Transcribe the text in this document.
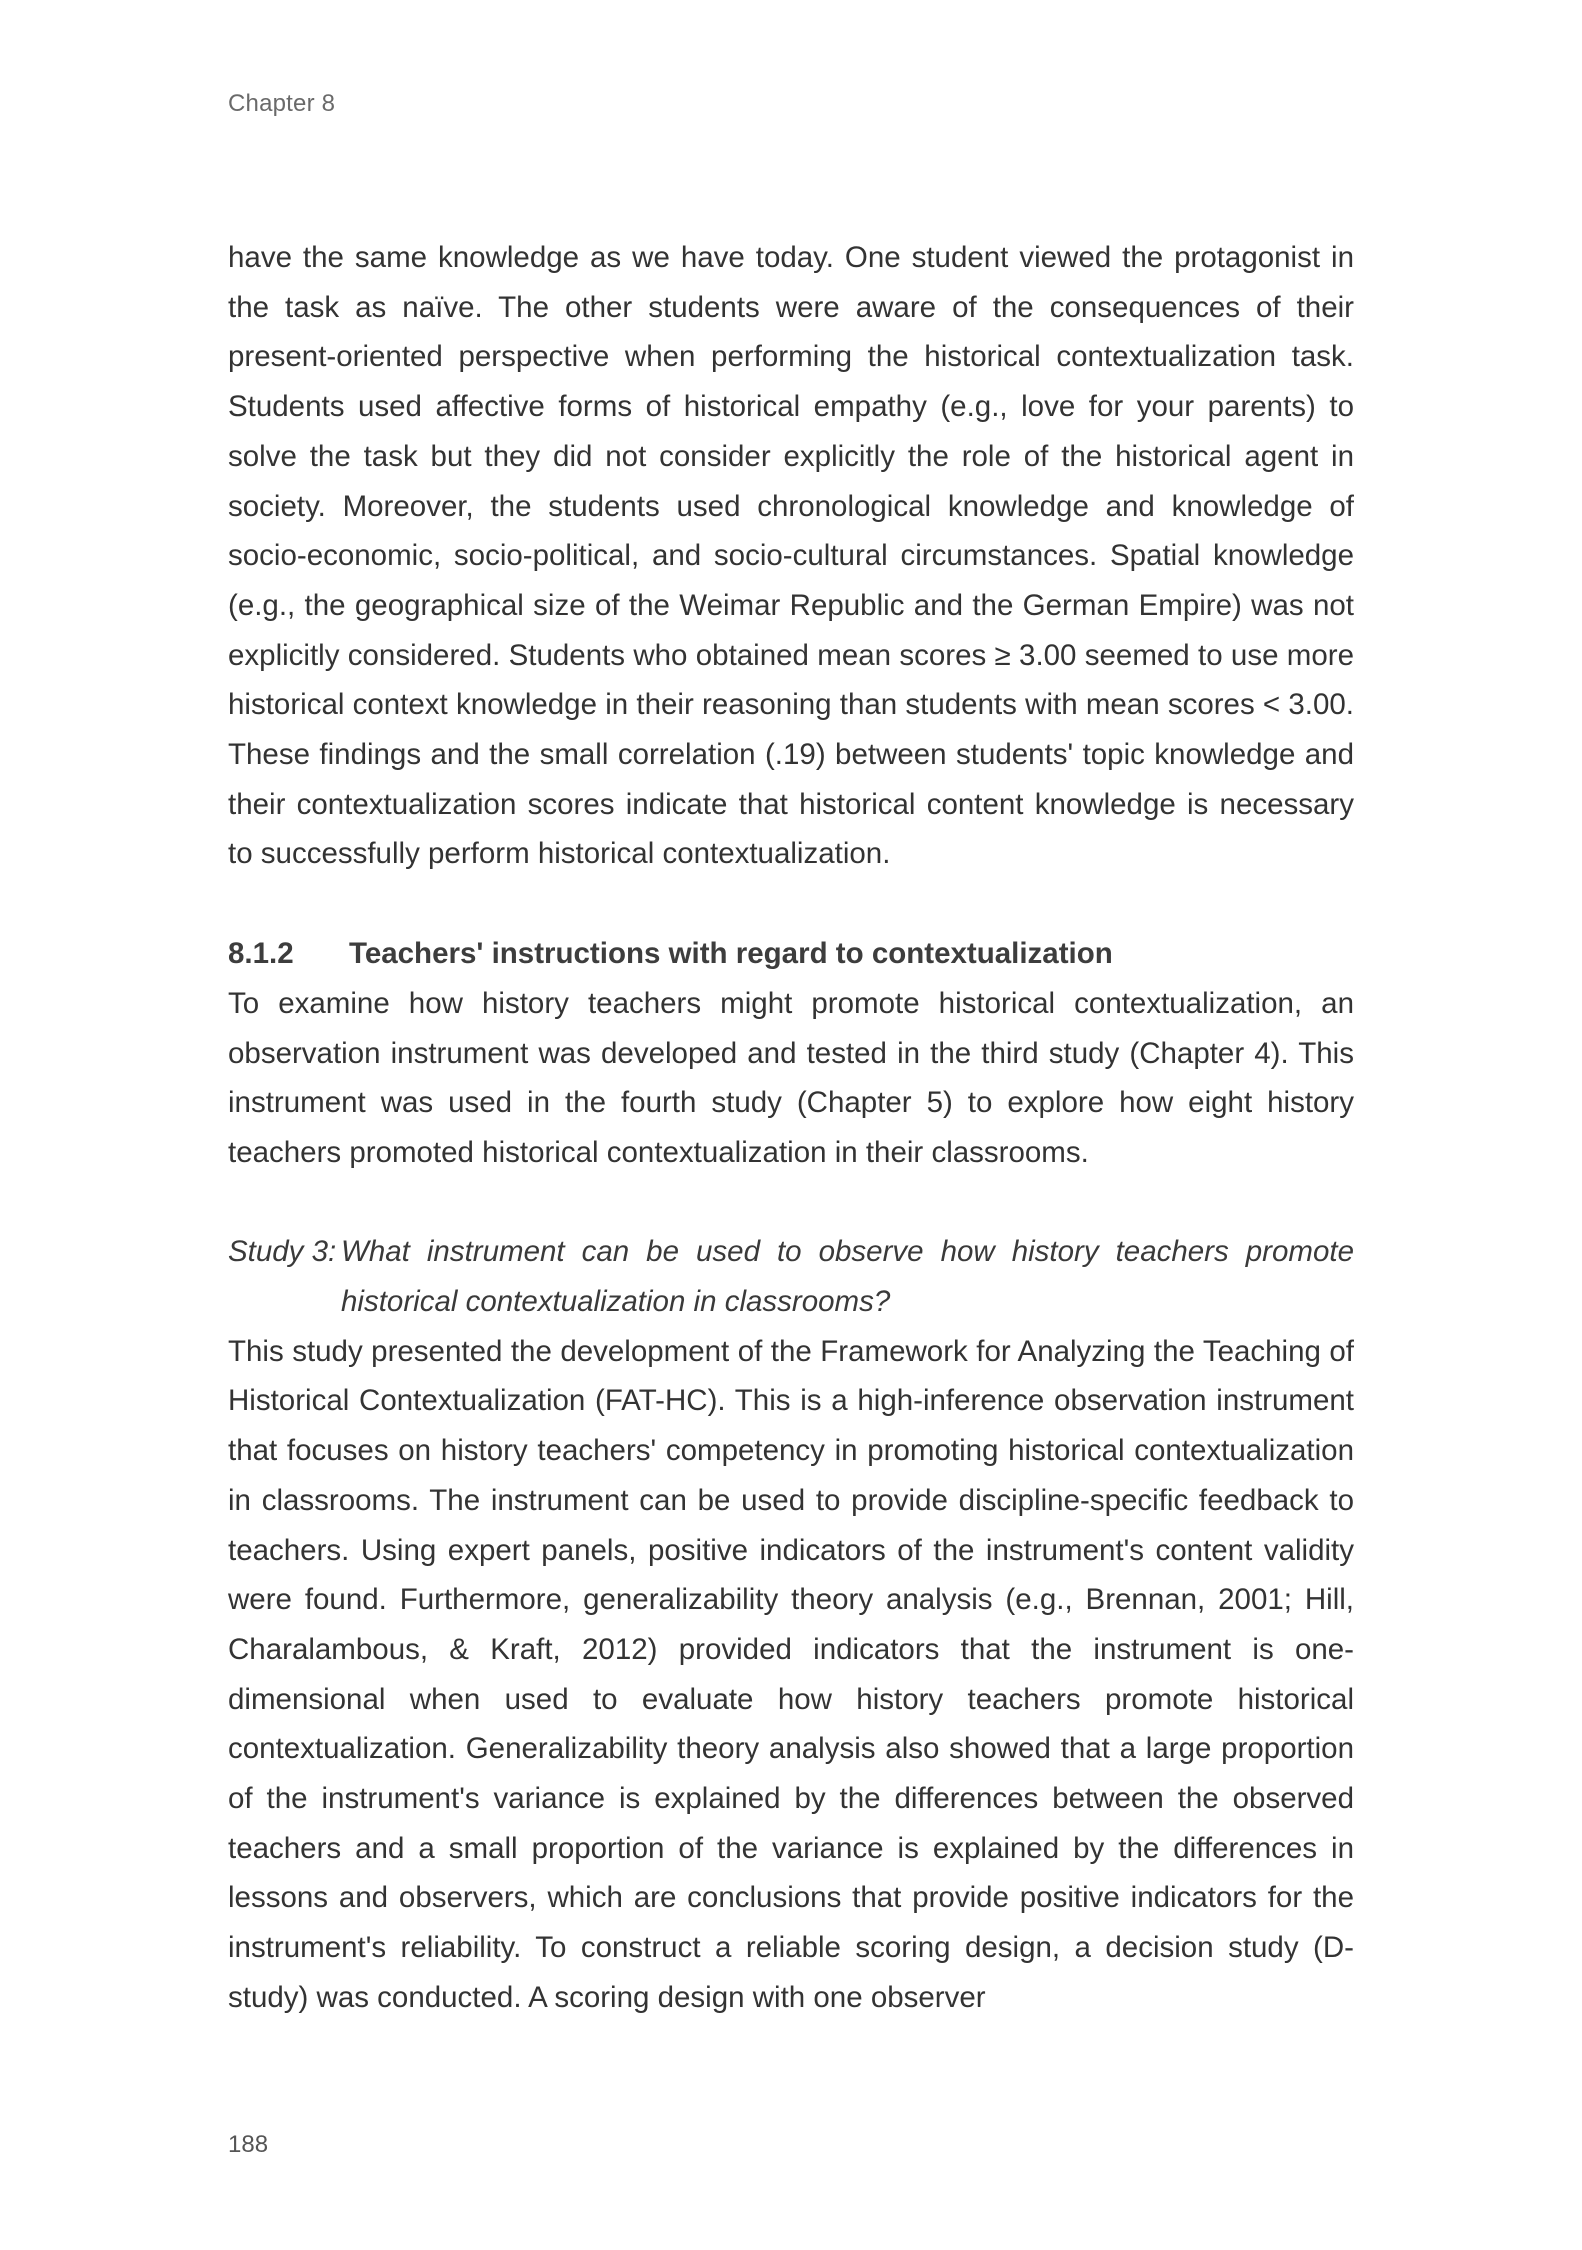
Chapter 8

have the same knowledge as we have today. One student viewed the protagonist in the task as naïve. The other students were aware of the consequences of their present-oriented perspective when performing the historical contextualization task. Students used affective forms of historical empathy (e.g., love for your parents) to solve the task but they did not consider explicitly the role of the historical agent in society. Moreover, the students used chronological knowledge and knowledge of socio-economic, socio-political, and socio-cultural circumstances. Spatial knowledge (e.g., the geographical size of the Weimar Republic and the German Empire) was not explicitly considered. Students who obtained mean scores ≥ 3.00 seemed to use more historical context knowledge in their reasoning than students with mean scores < 3.00. These findings and the small correlation (.19) between students' topic knowledge and their contextualization scores indicate that historical content knowledge is necessary to successfully perform historical contextualization.

8.1.2	Teachers' instructions with regard to contextualization

To examine how history teachers might promote historical contextualization, an observation instrument was developed and tested in the third study (Chapter 4). This instrument was used in the fourth study (Chapter 5) to explore how eight history teachers promoted historical contextualization in their classrooms.

Study 3: What instrument can be used to observe how history teachers promote historical contextualization in classrooms?

This study presented the development of the Framework for Analyzing the Teaching of Historical Contextualization (FAT-HC). This is a high-inference observation instrument that focuses on history teachers' competency in promoting historical contextualization in classrooms. The instrument can be used to provide discipline-specific feedback to teachers. Using expert panels, positive indicators of the instrument's content validity were found. Furthermore, generalizability theory analysis (e.g., Brennan, 2001; Hill, Charalambous, & Kraft, 2012) provided indicators that the instrument is one-dimensional when used to evaluate how history teachers promote historical contextualization. Generalizability theory analysis also showed that a large proportion of the instrument's variance is explained by the differences between the observed teachers and a small proportion of the variance is explained by the differences in lessons and observers, which are conclusions that provide positive indicators for the instrument's reliability. To construct a reliable scoring design, a decision study (D-study) was conducted. A scoring design with one observer

188
